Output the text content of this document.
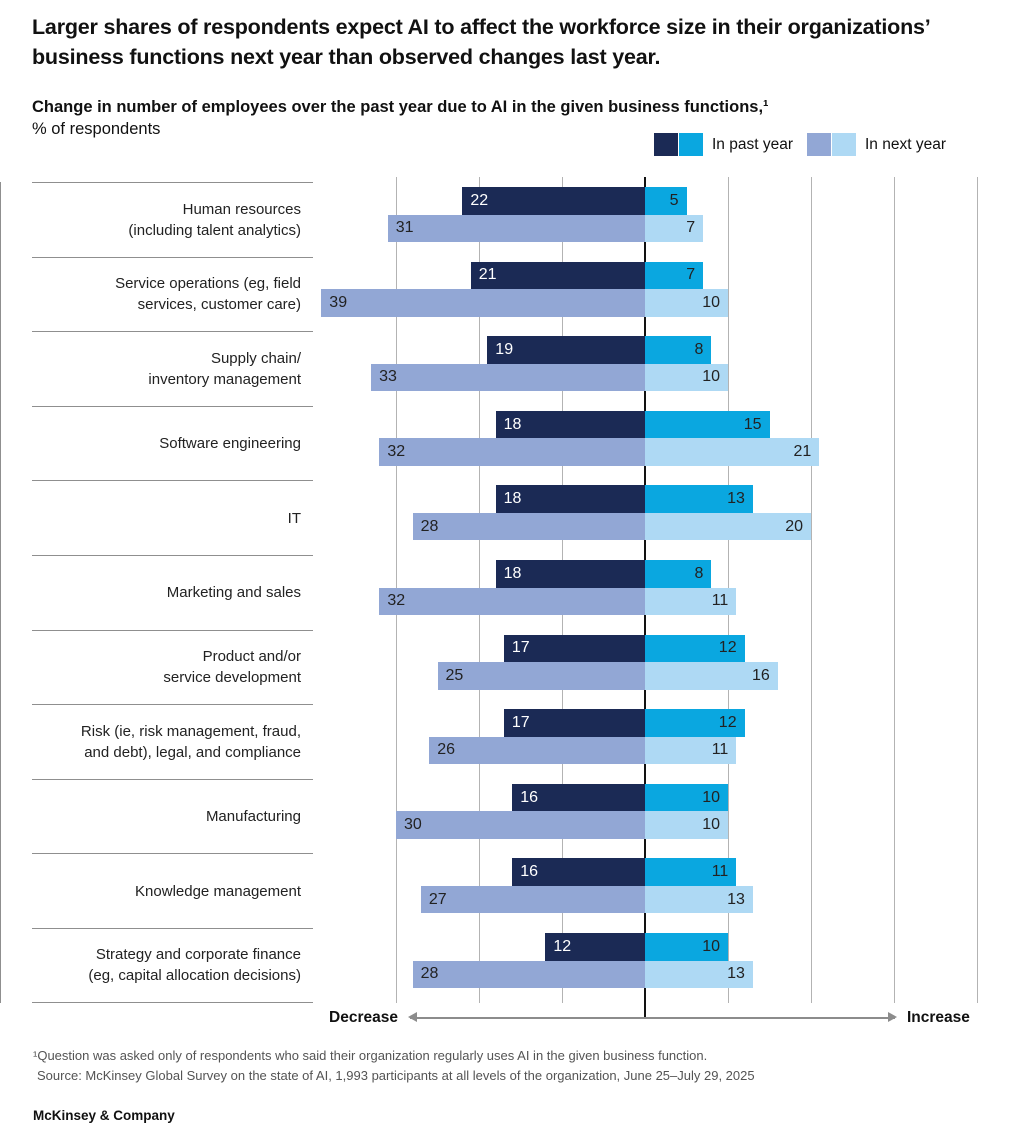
Larger shares of respondents expect AI to affect the workforce size in their organizations’ business functions next year than observed changes last year.
Change in number of employees over the past year due to AI in the given business functions,¹
% of respondents
In past year	In next year
Human resources
(including talent analytics)
22	5
31	7
Service operations (eg, field
services, customer care)
21	7
39	10
Supply chain/
inventory management
19	8
33	10
Software engineering
18	15
32	21
IT
18	13
28	20
Marketing and sales
18	8
32	11
Product and/or
service development
17	12
25	16
Risk (ie, risk management, fraud,
and debt), legal, and compliance
17	12
26	11
Manufacturing
16	10
30	10
Knowledge management
16	11
27	13
Strategy and corporate finance
(eg, capital allocation decisions)
12	10
28	13
Decrease	Increase
¹Question was asked only of respondents who said their organization regularly uses AI in the given business function.
Source: McKinsey Global Survey on the state of AI, 1,993 participants at all levels of the organization, June 25–July 29, 2025
McKinsey & Company
